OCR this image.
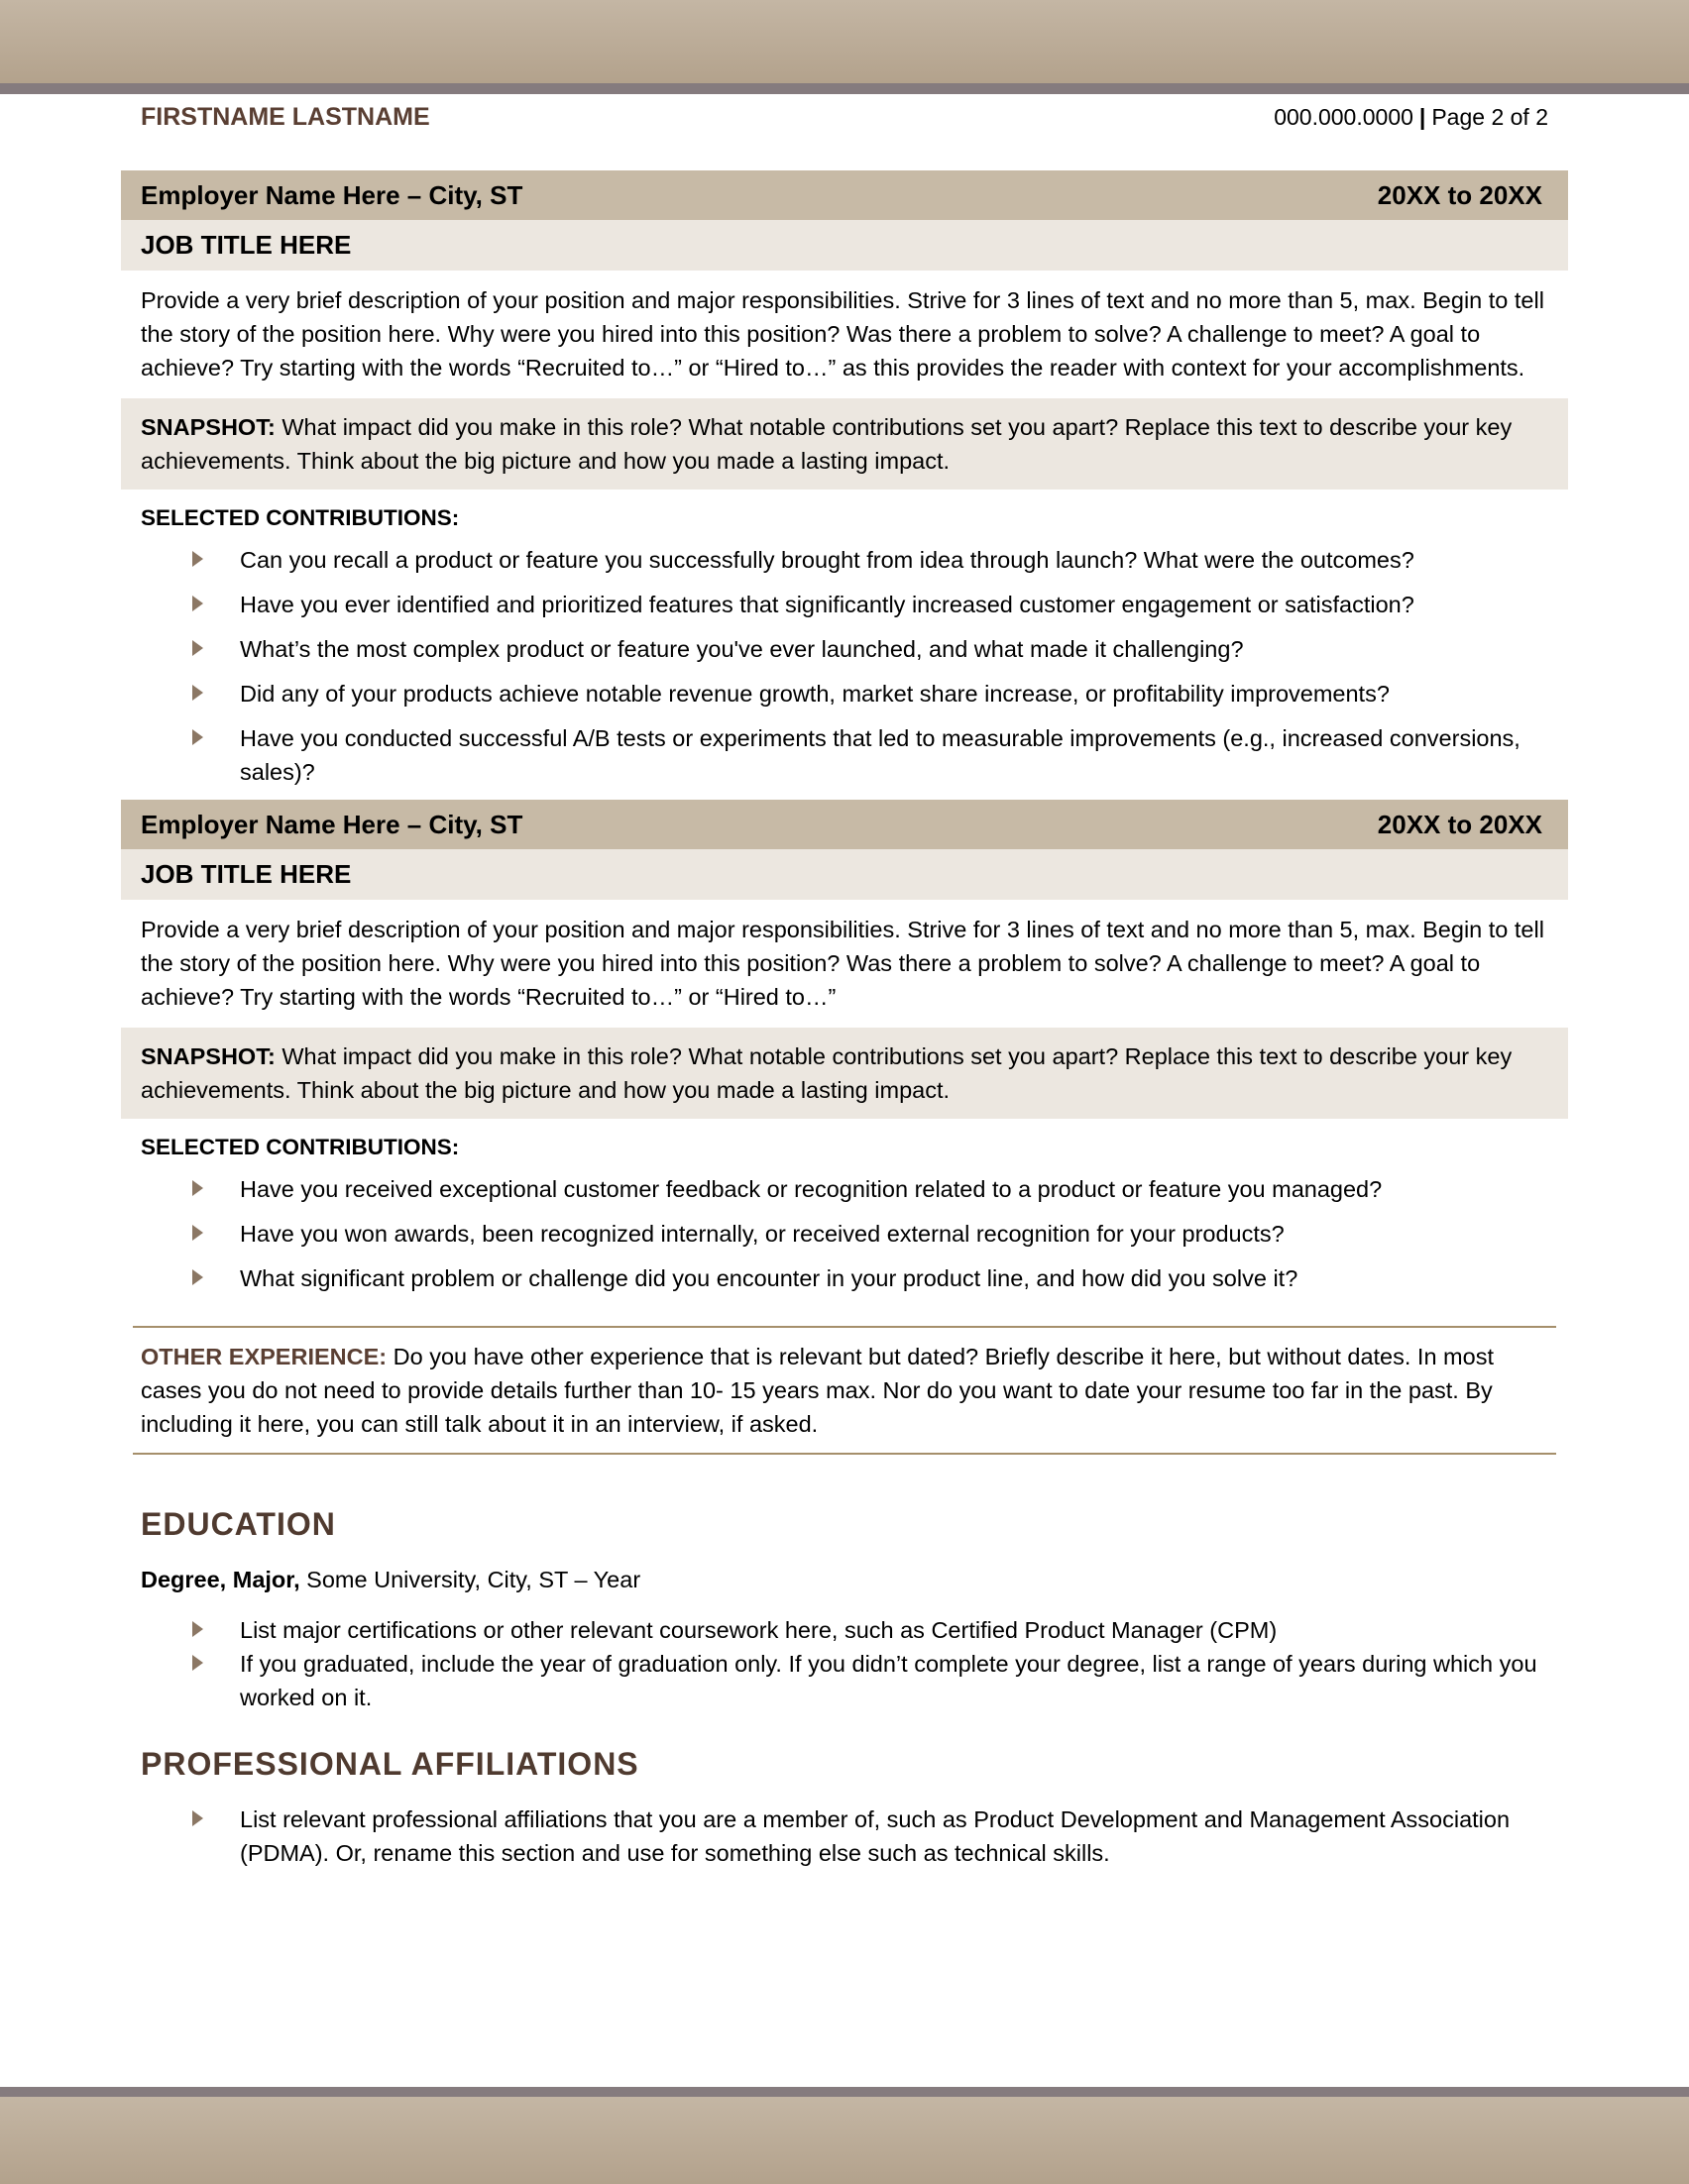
FIRSTNAME LASTNAME	000.000.0000 | Page 2 of 2
Employer Name Here – City, ST	20XX to 20XX
JOB TITLE HERE

Provide a very brief description of your position and major responsibilities. Strive for 3 lines of text and no more than 5, max. Begin to tell the story of the position here. Why were you hired into this position? Was there a problem to solve? A challenge to meet? A goal to achieve? Try starting with the words “Recruited to…” or “Hired to…” as this provides the reader with context for your accomplishments.

SNAPSHOT: What impact did you make in this role? What notable contributions set you apart? Replace this text to describe your key achievements. Think about the big picture and how you made a lasting impact.
SELECTED CONTRIBUTIONS:
Can you recall a product or feature you successfully brought from idea through launch? What were the outcomes?
Have you ever identified and prioritized features that significantly increased customer engagement or satisfaction?
What’s the most complex product or feature you've ever launched, and what made it challenging?
Did any of your products achieve notable revenue growth, market share increase, or profitability improvements?
Have you conducted successful A/B tests or experiments that led to measurable improvements (e.g., increased conversions, sales)?
Employer Name Here – City, ST	20XX to 20XX
JOB TITLE HERE

Provide a very brief description of your position and major responsibilities. Strive for 3 lines of text and no more than 5, max. Begin to tell the story of the position here. Why were you hired into this position? Was there a problem to solve? A challenge to meet? A goal to achieve? Try starting with the words “Recruited to…” or “Hired to…”

SNAPSHOT: What impact did you make in this role? What notable contributions set you apart? Replace this text to describe your key achievements. Think about the big picture and how you made a lasting impact.
SELECTED CONTRIBUTIONS:
Have you received exceptional customer feedback or recognition related to a product or feature you managed?
Have you won awards, been recognized internally, or received external recognition for your products?
What significant problem or challenge did you encounter in your product line, and how did you solve it?
OTHER EXPERIENCE: Do you have other experience that is relevant but dated? Briefly describe it here, but without dates. In most cases you do not need to provide details further than 10- 15 years max. Nor do you want to date your resume too far in the past. By including it here, you can still talk about it in an interview, if asked.
EDUCATION
Degree, Major, Some University, City, ST – Year
List major certifications or other relevant coursework here, such as Certified Product Manager (CPM)
If you graduated, include the year of graduation only. If you didn’t complete your degree, list a range of years during which you worked on it.
PROFESSIONAL AFFILIATIONS
List relevant professional affiliations that you are a member of, such as Product Development and Management Association (PDMA). Or, rename this section and use for something else such as technical skills.
